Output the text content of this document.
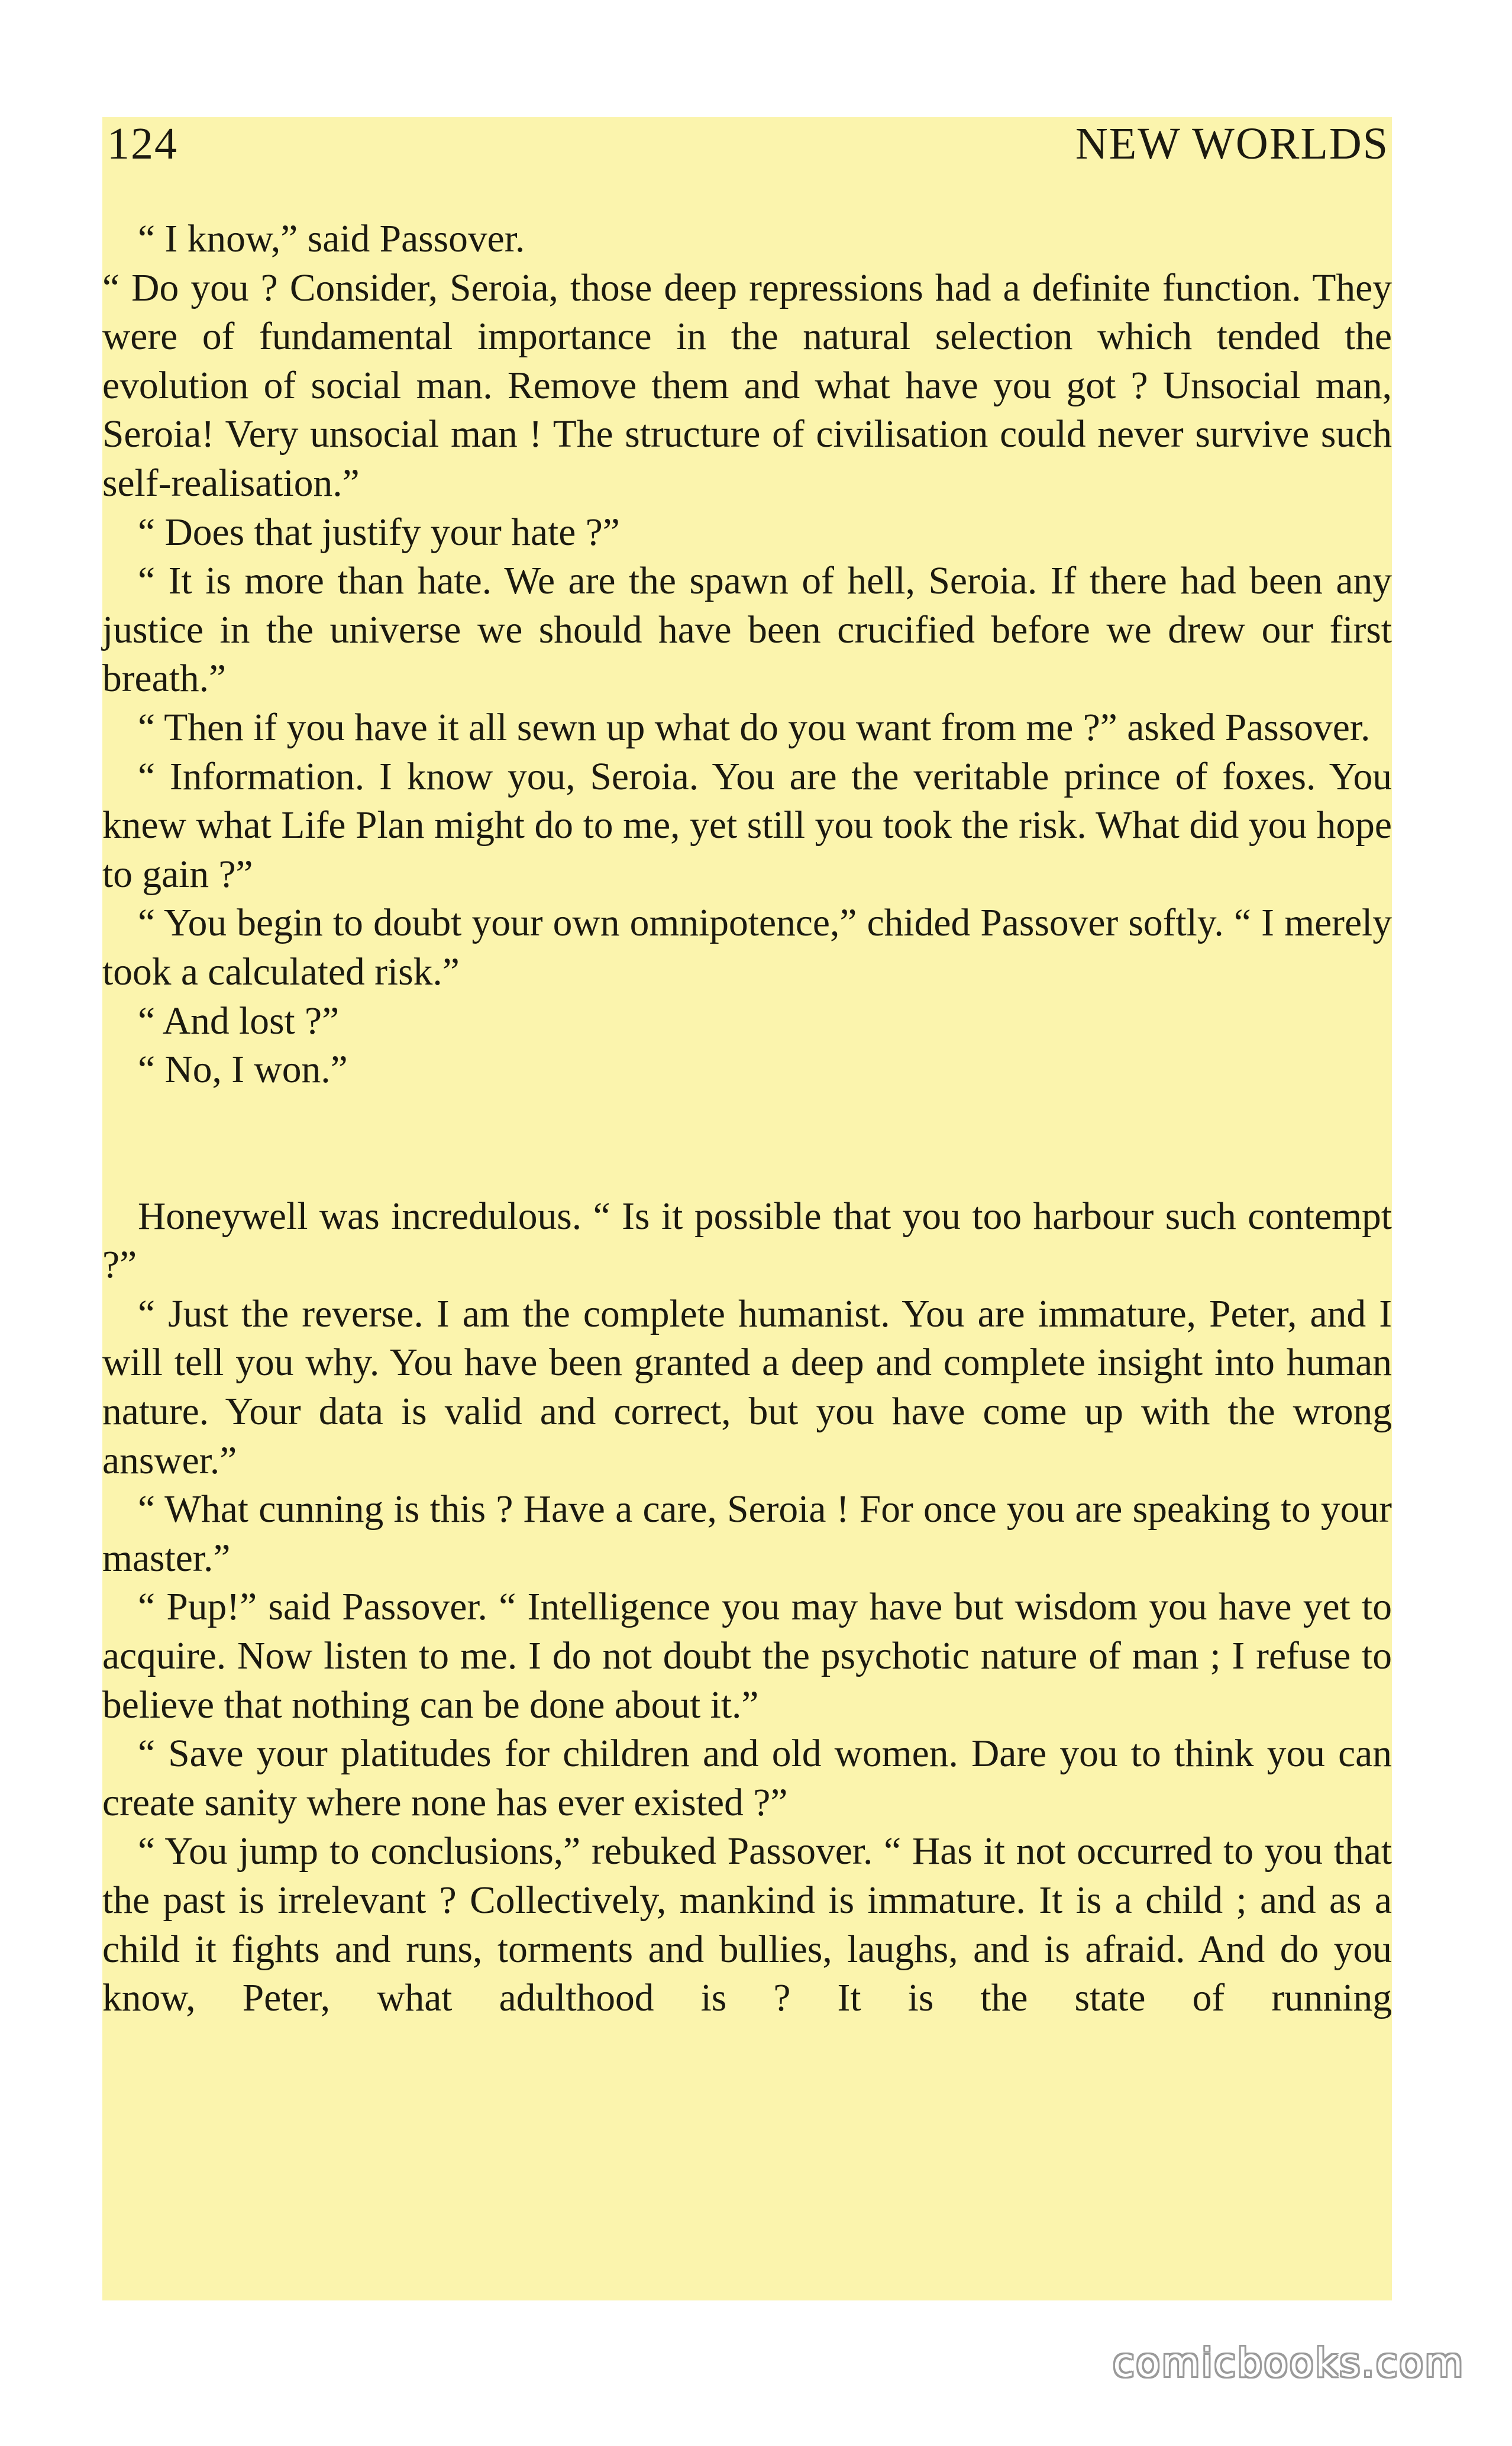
124	NEW WORLDS

“ I know,” said Passover.

“ Do you ? Consider, Seroia, those deep repressions had a definite function. They were of fundamental importance in the natural selection which tended the evolution of social man. Remove them and what have you got ? Unsocial man, Seroia! Very unsocial man ! The structure of civilisation could never survive such self-realisation.”

“ Does that justify your hate ?”

“ It is more than hate. We are the spawn of hell, Seroia. If there had been any justice in the universe we should have been crucified before we drew our first breath.”

“ Then if you have it all sewn up what do you want from me ?” asked Passover.

“ Information. I know you, Seroia. You are the veritable prince of foxes. You knew what Life Plan might do to me, yet still you took the risk. What did you hope to gain ?”

“ You begin to doubt your own omnipotence,” chided Passover softly. “ I merely took a calculated risk.”

“ And lost ?”

“ No, I won.”

Honeywell was incredulous. “ Is it possible that you too harbour such contempt ?”

“ Just the reverse. I am the complete humanist. You are immature, Peter, and I will tell you why. You have been granted a deep and complete insight into human nature. Your data is valid and correct, but you have come up with the wrong answer.”

“ What cunning is this ? Have a care, Seroia ! For once you are speaking to your master.”

“ Pup!” said Passover. “ Intelligence you may have but wisdom you have yet to acquire. Now listen to me. I do not doubt the psychotic nature of man ; I refuse to believe that nothing can be done about it.”

“ Save your platitudes for children and old women. Dare you to think you can create sanity where none has ever existed ?”

“ You jump to conclusions,” rebuked Passover. “ Has it not occurred to you that the past is irrelevant ? Collectively, mankind is immature. It is a child ; and as a child it fights and runs, torments and bullies, laughs, and is afraid. And do you know, Peter, what adulthood is ? It is the state of running

comicbooks.com
